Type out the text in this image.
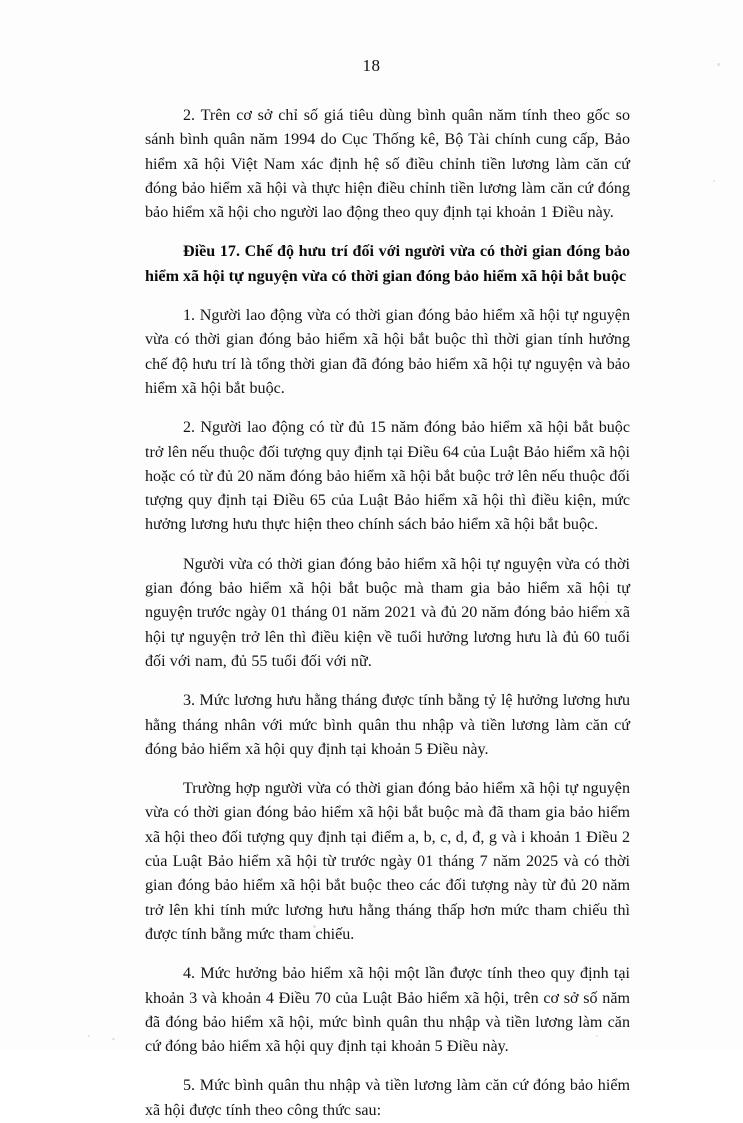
18

2. Trên cơ sở chỉ số giá tiêu dùng bình quân năm tính theo gốc so sánh bình quân năm 1994 do Cục Thống kê, Bộ Tài chính cung cấp, Bảo hiểm xã hội Việt Nam xác định hệ số điều chỉnh tiền lương làm căn cứ đóng bảo hiểm xã hội và thực hiện điều chỉnh tiền lương làm căn cứ đóng bảo hiểm xã hội cho người lao động theo quy định tại khoản 1 Điều này.

Điều 17. Chế độ hưu trí đối với người vừa có thời gian đóng bảo hiểm xã hội tự nguyện vừa có thời gian đóng bảo hiểm xã hội bắt buộc

1. Người lao động vừa có thời gian đóng bảo hiểm xã hội tự nguyện vừa có thời gian đóng bảo hiểm xã hội bắt buộc thì thời gian tính hưởng chế độ hưu trí là tổng thời gian đã đóng bảo hiểm xã hội tự nguyện và bảo hiểm xã hội bắt buộc.

2. Người lao động có từ đủ 15 năm đóng bảo hiểm xã hội bắt buộc trở lên nếu thuộc đối tượng quy định tại Điều 64 của Luật Bảo hiểm xã hội hoặc có từ đủ 20 năm đóng bảo hiểm xã hội bắt buộc trở lên nếu thuộc đối tượng quy định tại Điều 65 của Luật Bảo hiểm xã hội thì điều kiện, mức hưởng lương hưu thực hiện theo chính sách bảo hiểm xã hội bắt buộc.

Người vừa có thời gian đóng bảo hiểm xã hội tự nguyện vừa có thời gian đóng bảo hiểm xã hội bắt buộc mà tham gia bảo hiểm xã hội tự nguyện trước ngày 01 tháng 01 năm 2021 và đủ 20 năm đóng bảo hiểm xã hội tự nguyện trở lên thì điều kiện về tuổi hưởng lương hưu là đủ 60 tuổi đối với nam, đủ 55 tuổi đối với nữ.

3. Mức lương hưu hằng tháng được tính bằng tỷ lệ hưởng lương hưu hằng tháng nhân với mức bình quân thu nhập và tiền lương làm căn cứ đóng bảo hiểm xã hội quy định tại khoản 5 Điều này.

Trường hợp người vừa có thời gian đóng bảo hiểm xã hội tự nguyện vừa có thời gian đóng bảo hiểm xã hội bắt buộc mà đã tham gia bảo hiểm xã hội theo đối tượng quy định tại điểm a, b, c, d, đ, g và i khoản 1 Điều 2 của Luật Bảo hiểm xã hội từ trước ngày 01 tháng 7 năm 2025 và có thời gian đóng bảo hiểm xã hội bắt buộc theo các đối tượng này từ đủ 20 năm trở lên khi tính mức lương hưu hằng tháng thấp hơn mức tham chiếu thì được tính bằng mức tham chiếu.

4. Mức hưởng bảo hiểm xã hội một lần được tính theo quy định tại khoản 3 và khoản 4 Điều 70 của Luật Bảo hiểm xã hội, trên cơ sở số năm đã đóng bảo hiểm xã hội, mức bình quân thu nhập và tiền lương làm căn cứ đóng bảo hiểm xã hội quy định tại khoản 5 Điều này.

5. Mức bình quân thu nhập và tiền lương làm căn cứ đóng bảo hiểm xã hội được tính theo công thức sau:
